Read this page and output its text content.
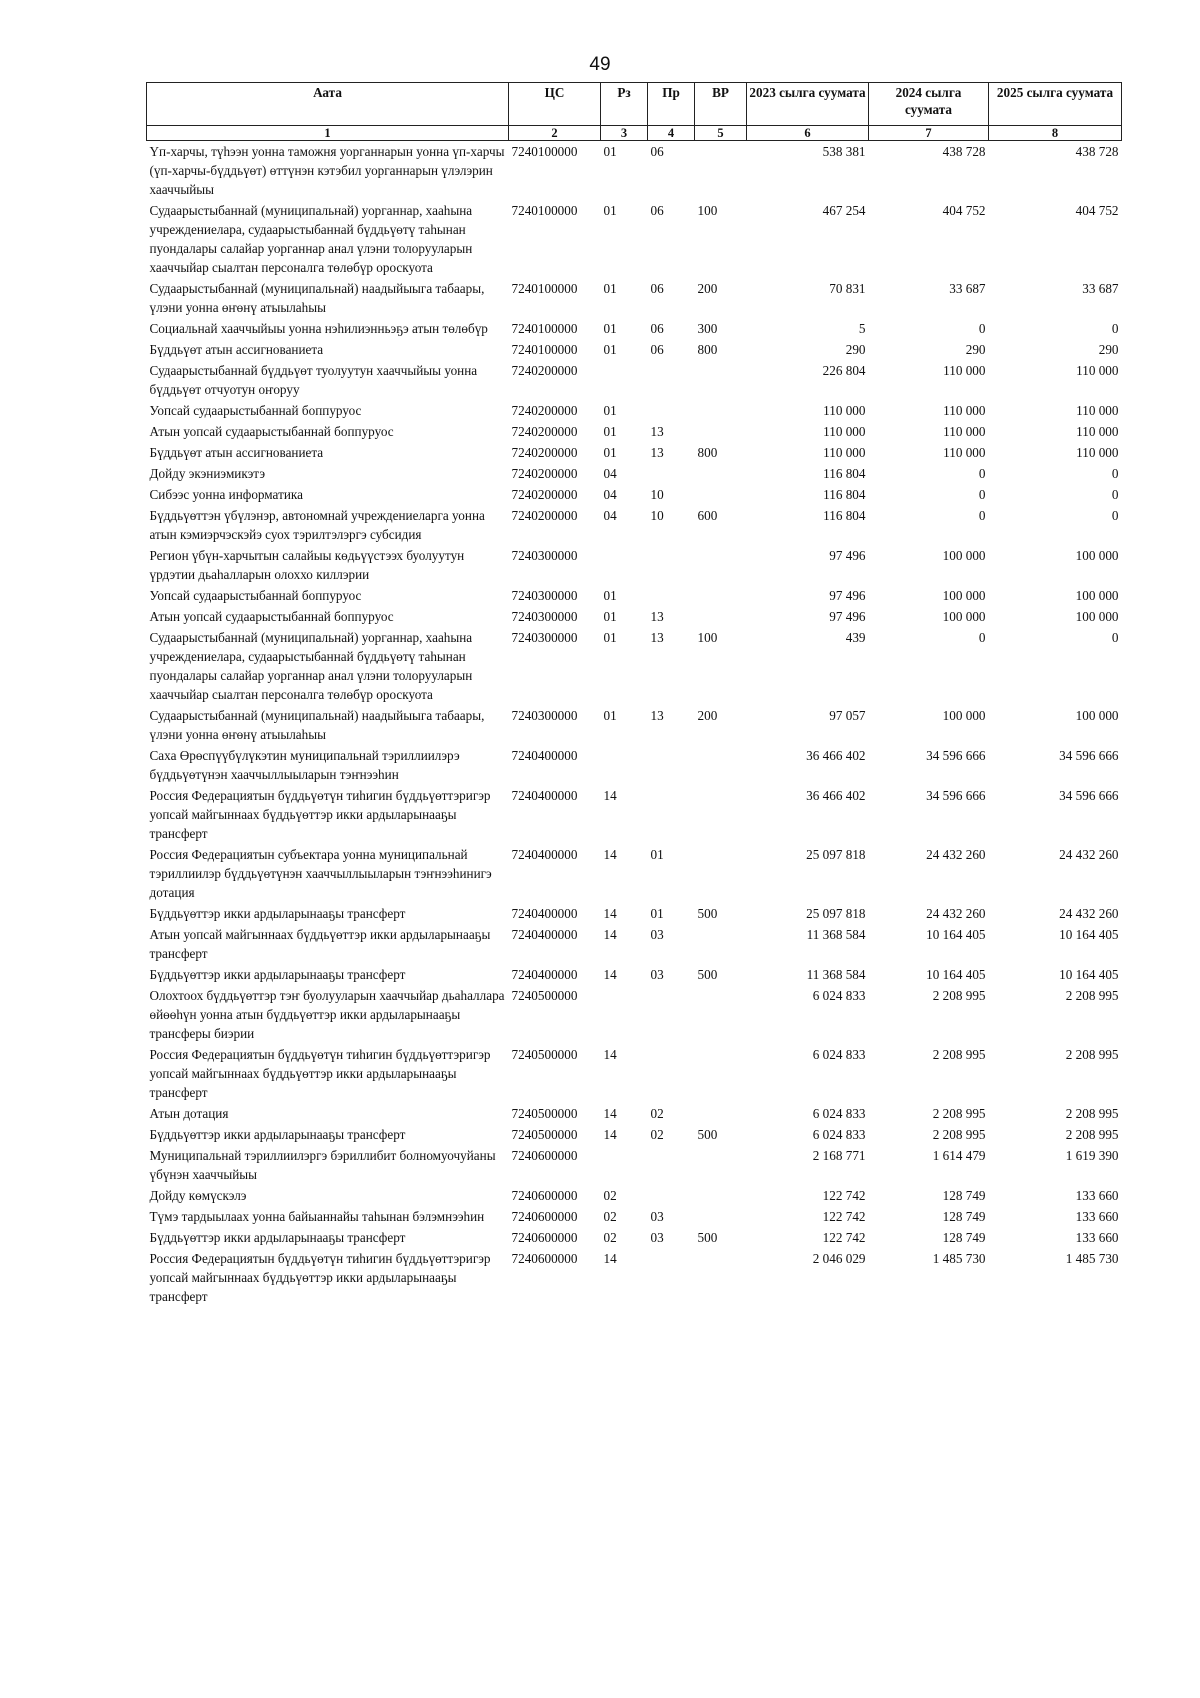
49
Аата	ЦС	Рз	Пр	ВР	2023 сылга суумата	2024 сылга суумата	2025 сылга суумата
1	2	3	4	5	6	7	8
Үп-харчы, түһээн уонна таможня уорганнарын уонна үп-харчы (үп-харчы-бүддьүөт) өттүнэн кэтэбил уорганнарын үлэлэрин хааччыйыы	7240100000	01	06		538 381	438 728	438 728
Судаарыстыбаннай (муниципальнай) уорганнар, хааһына учреждениелара, судаарыстыбаннай бүддьүөтү таһынан пуондалары салайар уорганнар анал үлэни толорууларын хааччыйар сыалтан персоналга төлөбүр ороскуота	7240100000	01	06	100	467 254	404 752	404 752
Судаарыстыбаннай (муниципальнай) наадыйыыга табаары, үлэни уонна өҥөнү атыылаһыы	7240100000	01	06	200	70 831	33 687	33 687
Социальнай хааччыйыы уонна нэһилиэнньэҕэ атын төлөбүр	7240100000	01	06	300	5	0	0
Бүддьүөт атын ассигнованиета	7240100000	01	06	800	290	290	290
Судаарыстыбаннай бүддьүөт туолуутун хааччыйыы уонна бүддьүөт отчуотун оҥоруу	7240200000				226 804	110 000	110 000
Уопсай судаарыстыбаннай боппуруос	7240200000	01			110 000	110 000	110 000
Атын уопсай судаарыстыбаннай боппуруос	7240200000	01	13		110 000	110 000	110 000
Бүддьүөт атын ассигнованиета	7240200000	01	13	800	110 000	110 000	110 000
Дойду экэниэмикэтэ	7240200000	04			116 804	0	0
Сибээс уонна информатика	7240200000	04	10		116 804	0	0
Бүддьүөттэн үбүлэнэр, автономнай учреждениеларга уонна атын кэмиэрчэскэйэ суох тэрилтэлэргэ субсидия	7240200000	04	10	600	116 804	0	0
Регион үбүн-харчытын салайыы көдьүүстээх буолуутун үрдэтии дьаһалларын олоххо киллэрии	7240300000				97 496	100 000	100 000
Уопсай судаарыстыбаннай боппуруос	7240300000	01			97 496	100 000	100 000
Атын уопсай судаарыстыбаннай боппуруос	7240300000	01	13		97 496	100 000	100 000
Судаарыстыбаннай (муниципальнай) уорганнар, хааһына учреждениелара, судаарыстыбаннай бүддьүөтү таһынан пуондалары салайар уорганнар анал үлэни толорууларын хааччыйар сыалтан персоналга төлөбүр ороскуота	7240300000	01	13	100	439	0	0
Судаарыстыбаннай (муниципальнай) наадыйыыга табаары, үлэни уонна өҥөнү атыылаһыы	7240300000	01	13	200	97 057	100 000	100 000
Саха Өрөспүүбүлүкэтин муниципальнай тэриллиилэрэ бүддьүөтүнэн хааччыллыыларын тэҥнээһин	7240400000				36 466 402	34 596 666	34 596 666
Россия Федерациятын бүддьүөтүн тиһигин бүддьүөттэригэр уопсай майгыннаах бүддьүөттэр икки ардыларынааҕы трансферт	7240400000	14			36 466 402	34 596 666	34 596 666
Россия Федерациятын субъектара уонна муниципальнай тэриллиилэр бүддьүөтүнэн хааччыллыыларын тэҥнээһинигэ дотация	7240400000	14	01		25 097 818	24 432 260	24 432 260
Бүддьүөттэр икки ардыларынааҕы трансферт	7240400000	14	01	500	25 097 818	24 432 260	24 432 260
Атын уопсай майгыннаах бүддьүөттэр икки ардыларынааҕы трансферт	7240400000	14	03		11 368 584	10 164 405	10 164 405
Бүддьүөттэр икки ардыларынааҕы трансферт	7240400000	14	03	500	11 368 584	10 164 405	10 164 405
Олохтоох бүддьүөттэр тэҥ буолууларын хааччыйар дьаһаллара өйөөһүн уонна атын бүддьүөттэр икки ардыларынааҕы трансферы биэрии	7240500000				6 024 833	2 208 995	2 208 995
Россия Федерациятын бүддьүөтүн тиһигин бүддьүөттэригэр уопсай майгыннаах бүддьүөттэр икки ардыларынааҕы трансферт	7240500000	14			6 024 833	2 208 995	2 208 995
Атын дотация	7240500000	14	02		6 024 833	2 208 995	2 208 995
Бүддьүөттэр икки ардыларынааҕы трансферт	7240500000	14	02	500	6 024 833	2 208 995	2 208 995
Муниципальнай тэриллиилэргэ бэриллибит болномуочуйаны үбүнэн хааччыйыы	7240600000				2 168 771	1 614 479	1 619 390
Дойду көмүскэлэ	7240600000	02			122 742	128 749	133 660
Түмэ тардыылаах уонна байыаннайы таһынан бэлэмнээһин	7240600000	02	03		122 742	128 749	133 660
Бүддьүөттэр икки ардыларынааҕы трансферт	7240600000	02	03	500	122 742	128 749	133 660
Россия Федерациятын бүддьүөтүн тиһигин бүддьүөттэригэр уопсай майгыннаах бүддьүөттэр икки ардыларынааҕы трансферт	7240600000	14			2 046 029	1 485 730	1 485 730
